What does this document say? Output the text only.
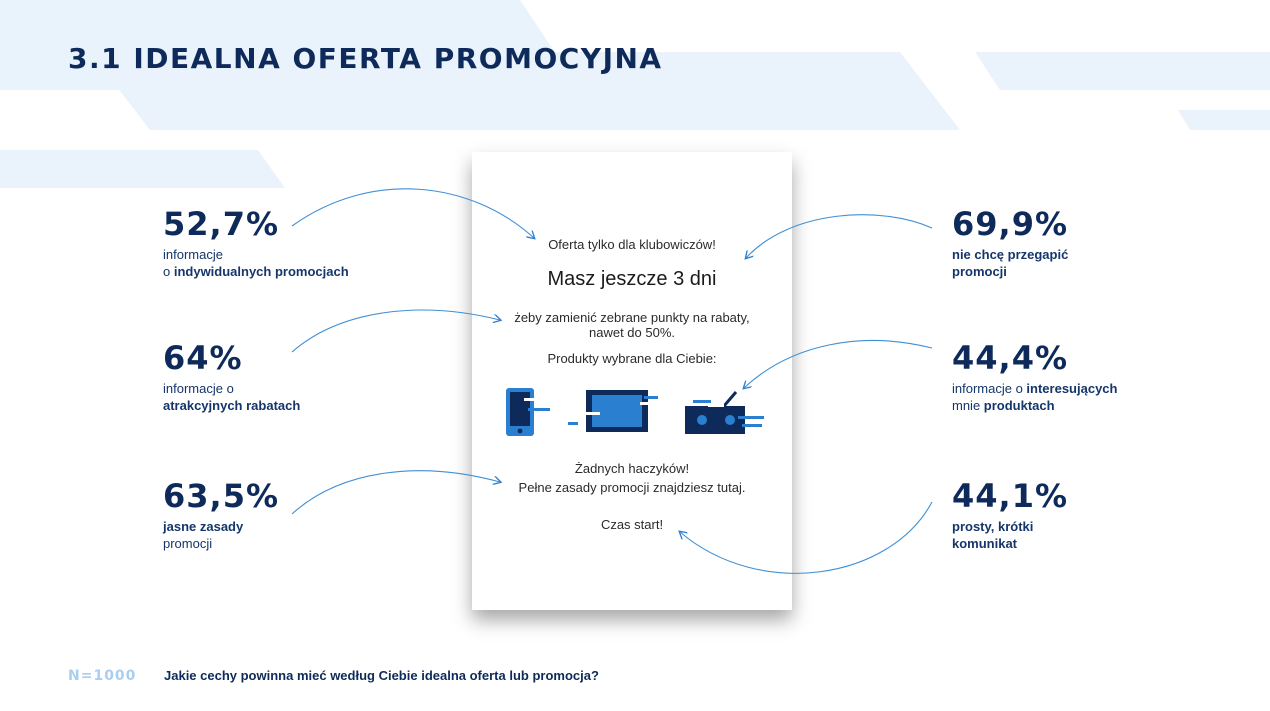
3.1 IDEALNA OFERTA PROMOCYJNA
52,7%
informacje
o indywidualnych promocjach
64%
informacje o
atrakcyjnych rabatach
63,5%
jasne zasady
promocji
69,9%
nie chcę przegapić
promocji
44,4%
informacje o interesujących
mnie produktach
44,1%
prosty, krótki
komunikat
Oferta tylko dla klubowiczów!
Masz jeszcze 3 dni
żeby zamienić zebrane punkty na rabaty,
nawet do 50%.
Produkty wybrane dla Ciebie:
Żadnych haczyków!
Pełne zasady promocji znajdziesz tutaj.
Czas start!
N=1000 Jakie cechy powinna mieć według Ciebie idealna oferta lub promocja?
